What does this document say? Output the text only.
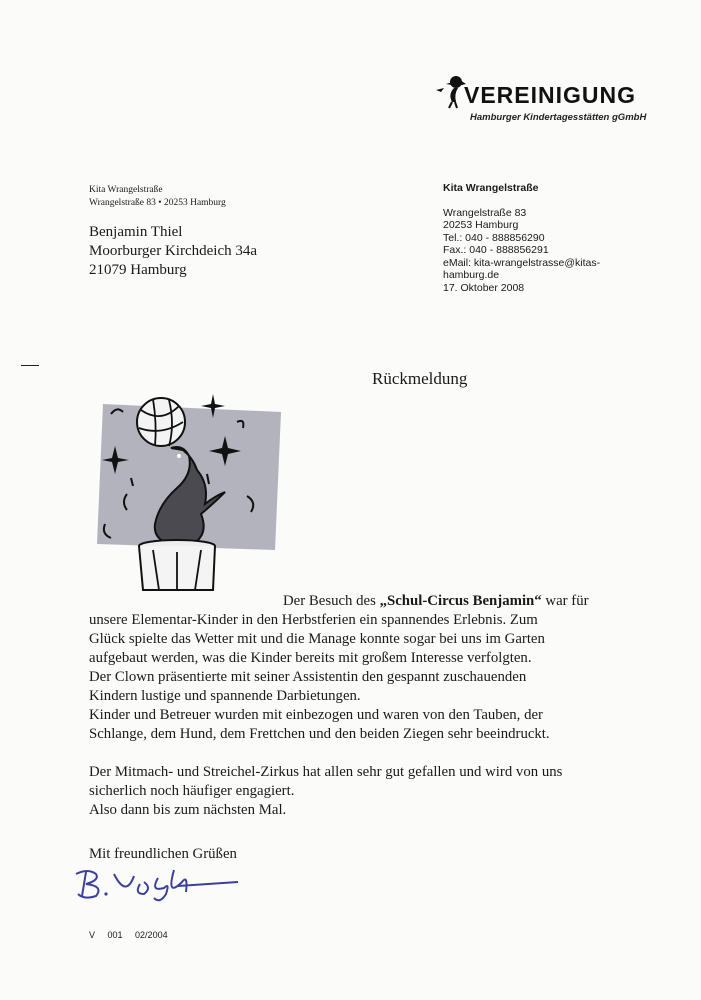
VEREINIGUNG
Hamburger Kindertagesstätten gGmbH
Kita Wrangelstraße
Wrangelstraße 83 • 20253 Hamburg
Benjamin Thiel
Moorburger Kirchdeich 34a
21079 Hamburg
Kita Wrangelstraße
Wrangelstraße 83
20253 Hamburg
Tel.: 040 - 888856290
Fax.: 040 - 888856291
eMail: kita-wrangelstrasse@kitas-
hamburg.de
17. Oktober 2008
Rückmeldung

Der Besuch des „Schul-Circus Benjamin“ war für

unsere Elementar-Kinder in den Herbstferien ein spannendes Erlebnis. Zum

Glück spielte das Wetter mit und die Manage konnte sogar bei uns im Garten

aufgebaut werden, was die Kinder bereits mit großem Interesse verfolgten.

Der Clown präsentierte mit seiner Assistentin den gespannt zuschauenden

Kindern lustige und spannende Darbietungen.

Kinder und Betreuer wurden mit einbezogen und waren von den Tauben, der

Schlange, dem Hund, dem Frettchen und den beiden Ziegen sehr beeindruckt.

Der Mitmach- und Streichel-Zirkus hat allen sehr gut gefallen und wird von uns

sicherlich noch häufiger engagiert.

Also dann bis zum nächsten Mal.

Mit freundlichen Grüßen
V 001 02/2004
